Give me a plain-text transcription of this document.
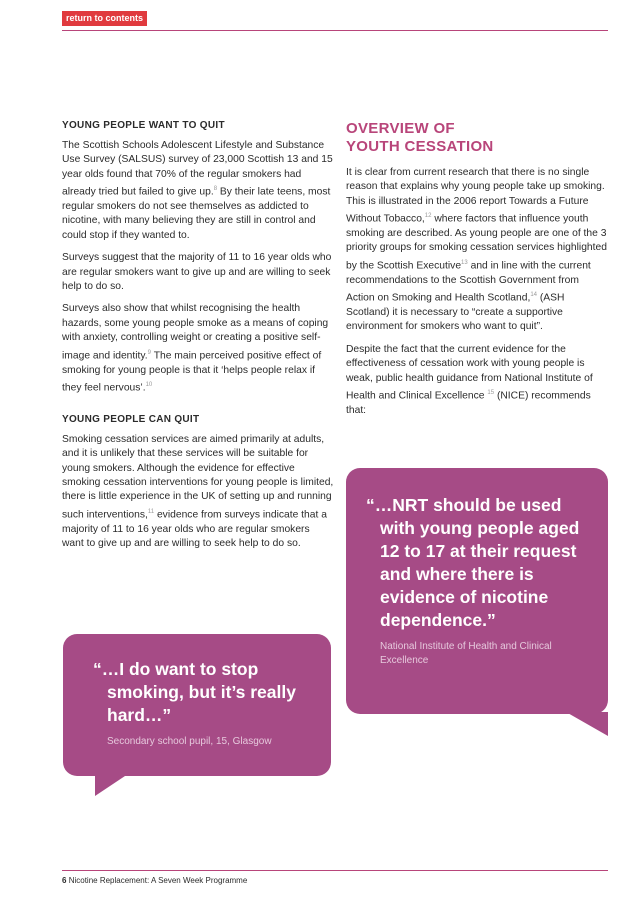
return to contents
YOUNG PEOPLE WANT TO QUIT

The Scottish Schools Adolescent Lifestyle and Substance Use Survey (SALSUS) survey of 23,000 Scottish 13 and 15 year olds found that 70% of the regular smokers had already tried but failed to give up.$^8$ By their late teens, most regular smokers do not see themselves as addicted to nicotine, with many believing they are still in control and could stop if they wanted to.

Surveys suggest that the majority of 11 to 16 year olds who are regular smokers want to give up and are willing to seek help to do so.

Surveys also show that whilst recognising the health hazards, some young people smoke as a means of coping with anxiety, controlling weight or creating a positive self-image and identity.$^9$ The main perceived positive effect of smoking for young people is that it ‘helps people relax if they feel nervous’.$^{10}$

YOUNG PEOPLE CAN QUIT

Smoking cessation services are aimed primarily at adults, and it is unlikely that these services will be suitable for young smokers. Although the evidence for effective smoking cessation interventions for young people is limited, there is little experience in the UK of setting up and running such interventions,$^{11}$ evidence from surveys indicate that a majority of 11 to 16 year olds who are regular smokers want to give up and are willing to seek help to do so.

OVERVIEW OF
YOUTH CESSATION

It is clear from current research that there is no single reason that explains why young people take up smoking. This is illustrated in the 2006 report Towards a Future Without Tobacco,$^{12}$ where factors that influence youth smoking are described. As young people are one of the 3 priority groups for smoking cessation services highlighted by the Scottish Executive$^{13}$ and in line with the current recommendations to the Scottish Government from Action on Smoking and Health Scotland,$^{14}$ (ASH Scotland) it is necessary to “create a supportive environment for smokers who want to quit”.

Despite the fact that the current evidence for the effectiveness of cessation work with young people is weak, public health guidance from National Institute of Health and Clinical Excellence $^{15}$ (NICE) recommends that:

“…NRT should be used with young people aged 12 to 17 at their request and where there is evidence of nicotine dependence.”
National Institute of Health and Clinical Excellence
“…I do want to stop smoking, but it’s really hard…”
Secondary school pupil, 15, Glasgow
6 Nicotine Replacement: A Seven Week Programme
